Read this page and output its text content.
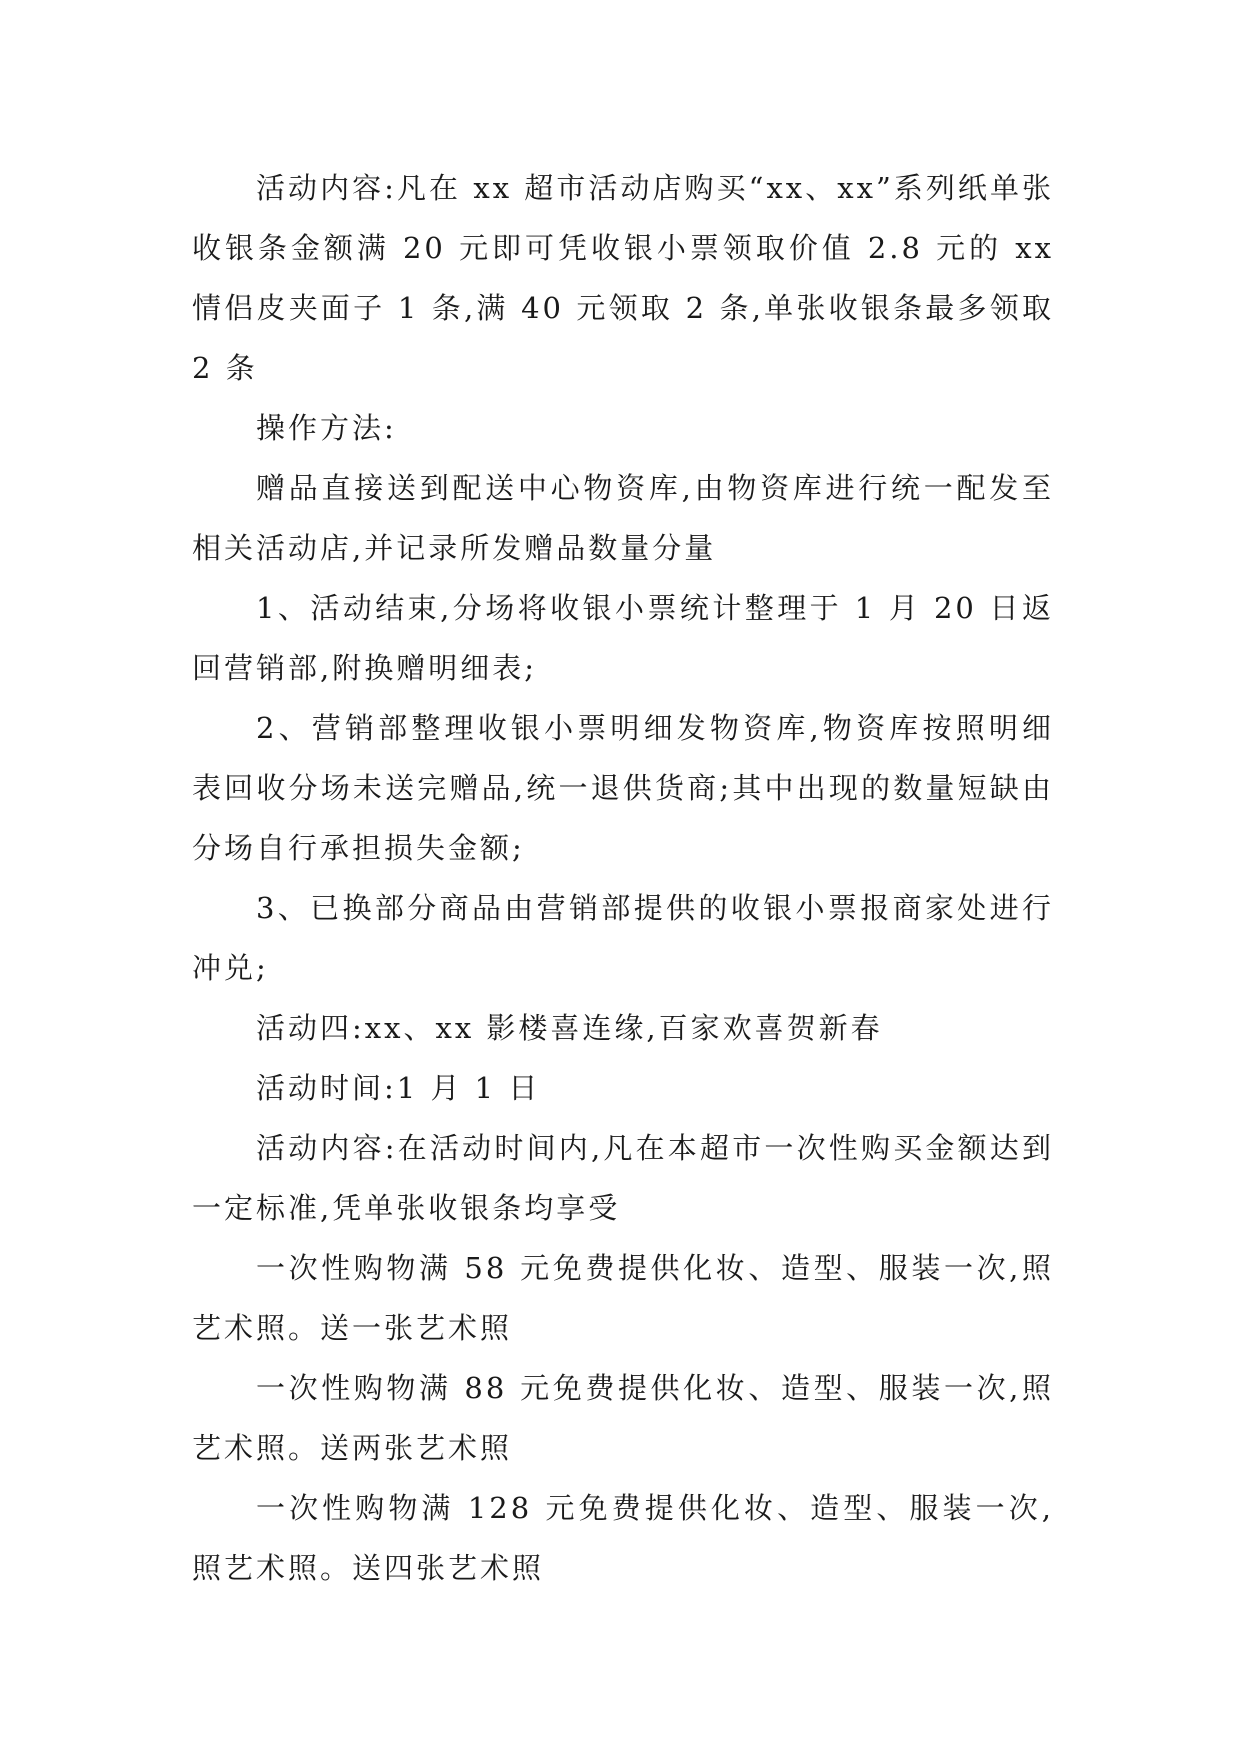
活动内容:凡在 xx 超市活动店购买“xx、xx”系列纸单张收银条金额满 20 元即可凭收银小票领取价值 2.8 元的 xx 情侣皮夹面子 1 条,满 40 元领取 2 条,单张收银条最多领取 2 条

操作方法:

赠品直接送到配送中心物资库,由物资库进行统一配发至相关活动店,并记录所发赠品数量分量

1、活动结束,分场将收银小票统计整理于 1 月 20 日返回营销部,附换赠明细表;

2、营销部整理收银小票明细发物资库,物资库按照明细表回收分场未送完赠品,统一退供货商;其中出现的数量短缺由分场自行承担损失金额;

3、已换部分商品由营销部提供的收银小票报商家处进行冲兑;

活动四:xx、xx 影楼喜连缘,百家欢喜贺新春

活动时间:1 月 1 日

活动内容:在活动时间内,凡在本超市一次性购买金额达到一定标准,凭单张收银条均享受

一次性购物满 58 元免费提供化妆、造型、服装一次,照艺术照。送一张艺术照

一次性购物满 88 元免费提供化妆、造型、服装一次,照艺术照。送两张艺术照

一次性购物满 128 元免费提供化妆、造型、服装一次,照艺术照。送四张艺术照
